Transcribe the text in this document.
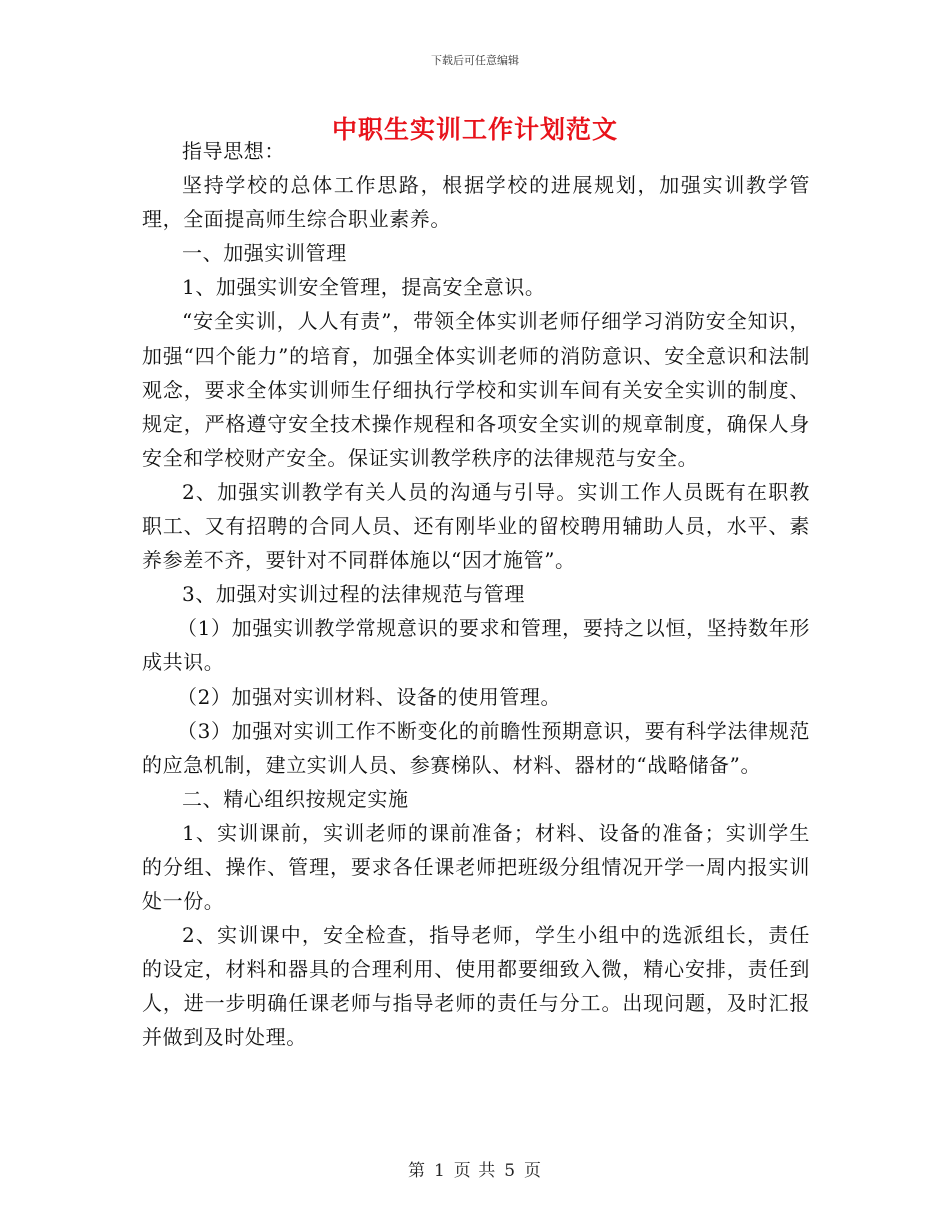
下载后可任意编辑
中职生实训工作计划范文

指导思想：

坚持学校的总体工作思路，根据学校的进展规划，加强实训教学管理，全面提高师生综合职业素养。

一、加强实训管理

1、加强实训安全管理，提高安全意识。

“安全实训，人人有责”，带领全体实训老师仔细学习消防安全知识，加强“四个能力”的培育，加强全体实训老师的消防意识、安全意识和法制观念，要求全体实训师生仔细执行学校和实训车间有关安全实训的制度、规定，严格遵守安全技术操作规程和各项安全实训的规章制度，确保人身安全和学校财产安全。保证实训教学秩序的法律规范与安全。

2、加强实训教学有关人员的沟通与引导。实训工作人员既有在职教职工、又有招聘的合同人员、还有刚毕业的留校聘用辅助人员，水平、素养参差不齐，要针对不同群体施以“因才施管”。

3、加强对实训过程的法律规范与管理

（1）加强实训教学常规意识的要求和管理，要持之以恒，坚持数年形成共识。

（2）加强对实训材料、设备的使用管理。

（3）加强对实训工作不断变化的前瞻性预期意识，要有科学法律规范的应急机制，建立实训人员、参赛梯队、材料、器材的“战略储备”。

二、精心组织按规定实施

1、实训课前，实训老师的课前准备；材料、设备的准备；实训学生的分组、操作、管理，要求各任课老师把班级分组情况开学一周内报实训处一份。

2、实训课中，安全检查，指导老师，学生小组中的选派组长，责任的设定，材料和器具的合理利用、使用都要细致入微，精心安排，责任到人，进一步明确任课老师与指导老师的责任与分工。出现问题，及时汇报并做到及时处理。

第 1 页 共 5 页
